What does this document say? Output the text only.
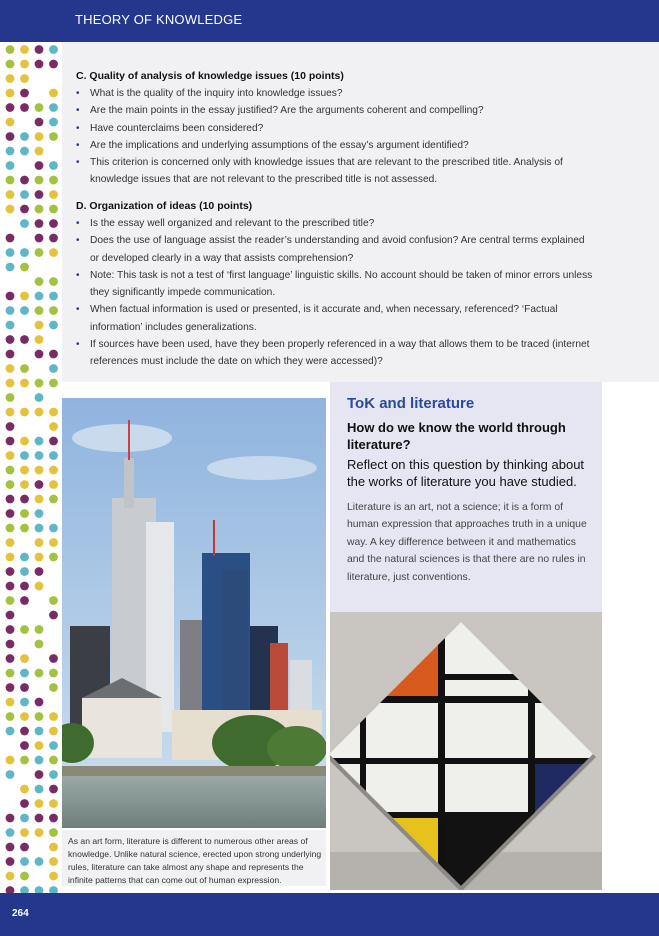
THEORY OF KNOWLEDGE
C. Quality of analysis of knowledge issues (10 points)
• What is the quality of the inquiry into knowledge issues?
• Are the main points in the essay justified? Are the arguments coherent and compelling?
• Have counterclaims been considered?
• Are the implications and underlying assumptions of the essay’s argument identified?
• This criterion is concerned only with knowledge issues that are relevant to the prescribed title. Analysis of knowledge issues that are not relevant to the prescribed title is not assessed.
D. Organization of ideas (10 points)
• Is the essay well organized and relevant to the prescribed title?
• Does the use of language assist the reader’s understanding and avoid confusion? Are central terms explained or developed clearly in a way that assists comprehension?
• Note: This task is not a test of ‘first language’ linguistic skills. No account should be taken of minor errors unless they significantly impede communication.
• When factual information is used or presented, is it accurate and, when necessary, referenced? ‘Factual information’ includes generalizations.
• If sources have been used, have they been properly referenced in a way that allows them to be traced (internet references must include the date on which they were accessed)?
As an art form, literature is different to numerous other areas of knowledge. Unlike natural science, erected upon strong underlying rules, literature can take almost any shape and represents the infinite patterns that can come out of human expression.
ToK and literature
How do we know the world through literature?
Reflect on this question by thinking about the works of literature you have studied.
Literature is an art, not a science; it is a form of human expression that approaches truth in a unique way. A key difference between it and mathematics and the natural sciences is that there are no rules in literature, just conventions.
264
